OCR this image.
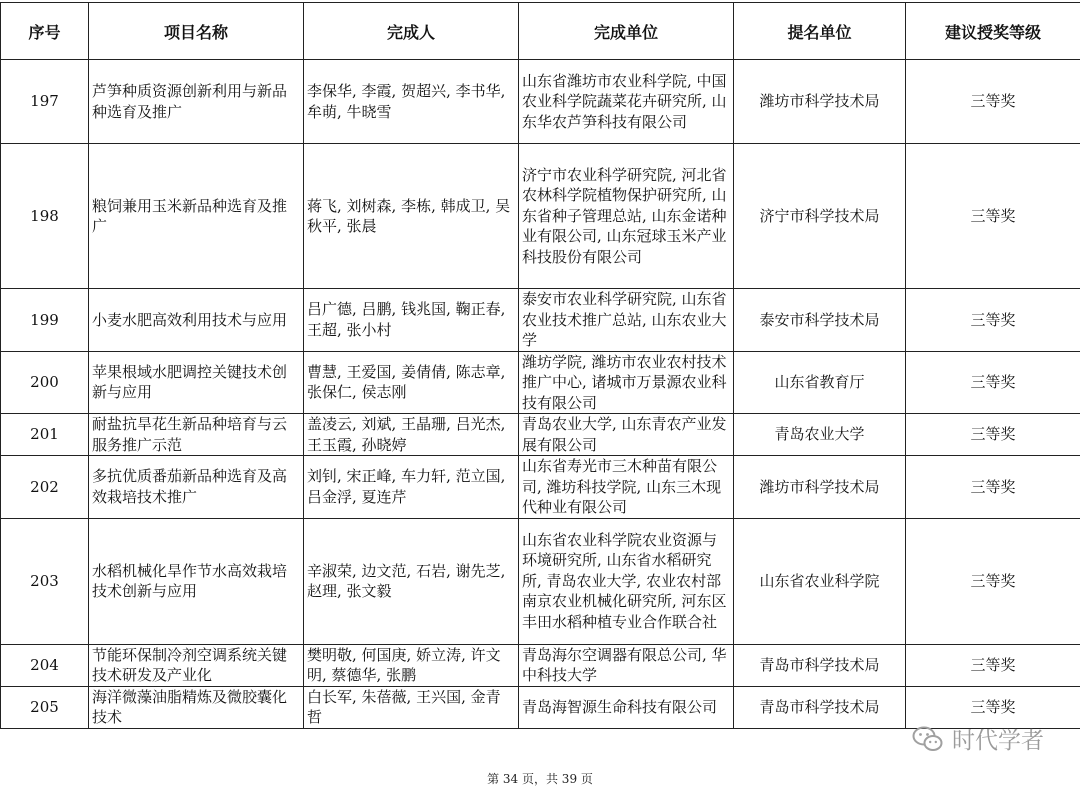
序号	项目名称	完成人	完成单位	提名单位	建议授奖等级
197	芦笋种质资源创新利用与新品种选育及推广	李保华, 李霞, 贺超兴, 李书华, 牟萌, 牛晓雪	山东省潍坊市农业科学院, 中国农业科学院蔬菜花卉研究所, 山东华农芦笋科技有限公司	潍坊市科学技术局	三等奖
198	粮饲兼用玉米新品种选育及推广	蒋飞, 刘树森, 李栋, 韩成卫, 吴秋平, 张晨	济宁市农业科学研究院, 河北省农林科学院植物保护研究所, 山东省种子管理总站, 山东金诺种业有限公司, 山东冠球玉米产业科技股份有限公司	济宁市科学技术局	三等奖
199	小麦水肥高效利用技术与应用	吕广德, 吕鹏, 钱兆国, 鞠正春, 王超, 张小村	泰安市农业科学研究院, 山东省农业技术推广总站, 山东农业大学	泰安市科学技术局	三等奖
200	苹果根域水肥调控关键技术创新与应用	曹慧, 王爱国, 姜倩倩, 陈志章, 张保仁, 侯志刚	潍坊学院, 潍坊市农业农村技术推广中心, 诸城市万景源农业科技有限公司	山东省教育厅	三等奖
201	耐盐抗旱花生新品种培育与云服务推广示范	盖凌云, 刘斌, 王晶珊, 吕光杰, 王玉霞, 孙晓婷	青岛农业大学, 山东青农产业发展有限公司	青岛农业大学	三等奖
202	多抗优质番茄新品种选育及高效栽培技术推广	刘钊, 宋正峰, 车力轩, 范立国, 吕金浮, 夏连芹	山东省寿光市三木种苗有限公司, 潍坊科技学院, 山东三木现代种业有限公司	潍坊市科学技术局	三等奖
203	水稻机械化旱作节水高效栽培技术创新与应用	辛淑荣, 边文范, 石岩, 谢先芝, 赵理, 张文毅	山东省农业科学院农业资源与环境研究所, 山东省水稻研究所, 青岛农业大学, 农业农村部南京农业机械化研究所, 河东区丰田水稻种植专业合作联合社	山东省农业科学院	三等奖
204	节能环保制冷剂空调系统关键技术研发及产业化	樊明敬, 何国庚, 娇立涛, 许文明, 蔡德华, 张鹏	青岛海尔空调器有限总公司, 华中科技大学	青岛市科学技术局	三等奖
205	海洋微藻油脂精炼及微胶囊化技术	白长军, 朱蓓薇, 王兴国, 金青哲	青岛海智源生命科技有限公司	青岛市科学技术局	三等奖
时代学者
第 34 页，共 39 页
